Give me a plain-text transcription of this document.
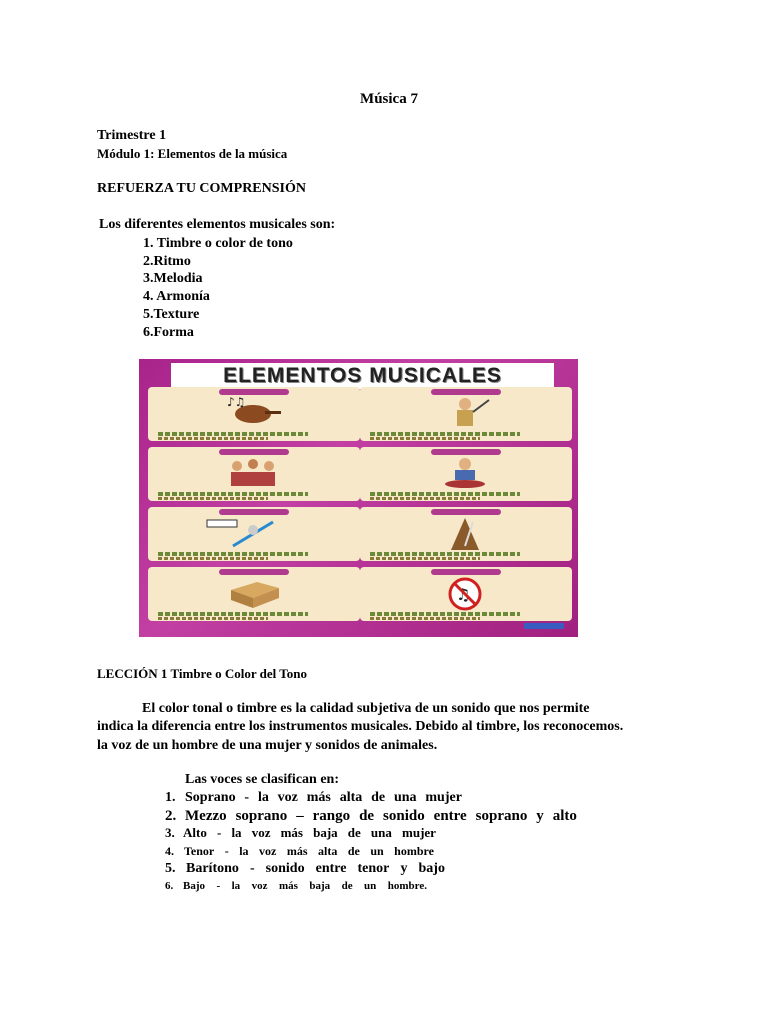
Música 7
Trimestre 1
Módulo 1: Elementos de la música
REFUERZA TU COMPRENSIÓN
Los diferentes elementos musicales son:
1. Timbre o color de tono
2.Ritmo
3.Melodia
4. Armonía
5.Texture
6.Forma
ELEMENTOS MUSICALES
♪♫
♫
LECCIÓN 1 Timbre o Color del Tono
El color tonal o timbre es la calidad subjetiva de un sonido que nos permite
indica la diferencia entre los instrumentos musicales. Debido al timbre, los reconocemos.
la voz de un hombre de una mujer y sonidos de animales.
Las voces se clasifican en:
1. Soprano - la voz más alta de una mujer
2. Mezzo soprano – rango de sonido entre soprano y alto
3. Alto - la voz más baja de una mujer
4. Tenor - la voz más alta de un hombre
5. Barítono - sonido entre tenor y bajo
6. Bajo - la voz más baja de un hombre.
